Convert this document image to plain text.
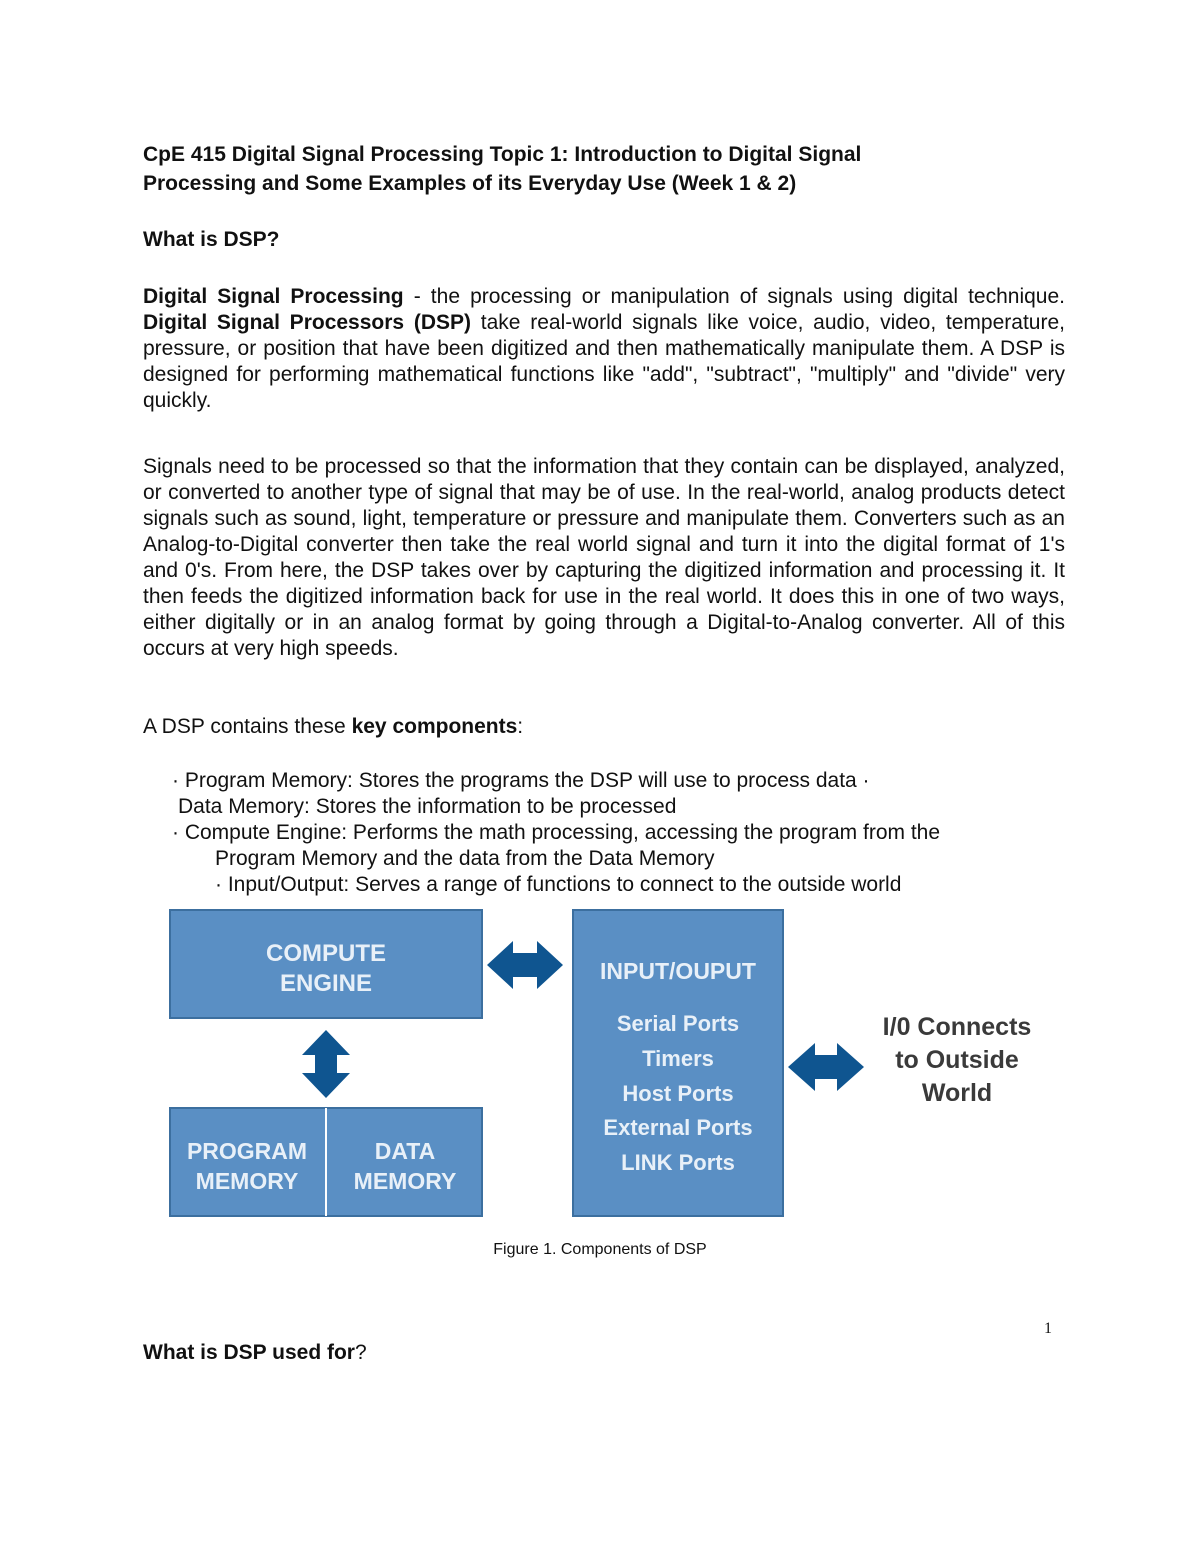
CpE 415 Digital Signal Processing Topic 1: Introduction to Digital Signal
Processing and Some Examples of its Everyday Use (Week 1 & 2)
What is DSP?

Digital Signal Processing - the processing or manipulation of signals using digital technique. Digital Signal Processors (DSP) take real-world signals like voice, audio, video, temperature, pressure, or position that have been digitized and then mathematically manipulate them. A DSP is designed for performing mathematical functions like "add", "subtract", "multiply" and "divide" very quickly.

Signals need to be processed so that the information that they contain can be displayed, analyzed, or converted to another type of signal that may be of use. In the real-world, analog products detect signals such as sound, light, temperature or pressure and manipulate them. Converters such as an Analog-to-Digital converter then take the real world signal and turn it into the digital format of 1's and 0's. From here, the DSP takes over by capturing the digitized information and processing it. It then feeds the digitized information back for use in the real world. It does this in one of two ways, either digitally or in an analog format by going through a Digital-to-Analog converter. All of this occurs at very high speeds.

A DSP contains these key components:

· Program Memory: Stores the programs the DSP will use to process data ·
Data Memory: Stores the information to be processed
· Compute Engine: Performs the math processing, accessing the program from the
Program Memory and the data from the Data Memory
· Input/Output: Serves a range of functions to connect to the outside world
COMPUTE
ENGINE
PROGRAM
MEMORY
DATA
MEMORY
INPUT/OUPUT
Serial Ports
Timers
Host Ports
External Ports
LINK Ports
I/0 Connects
to Outside
World
Figure 1. Components of DSP
1
What is DSP used for?
